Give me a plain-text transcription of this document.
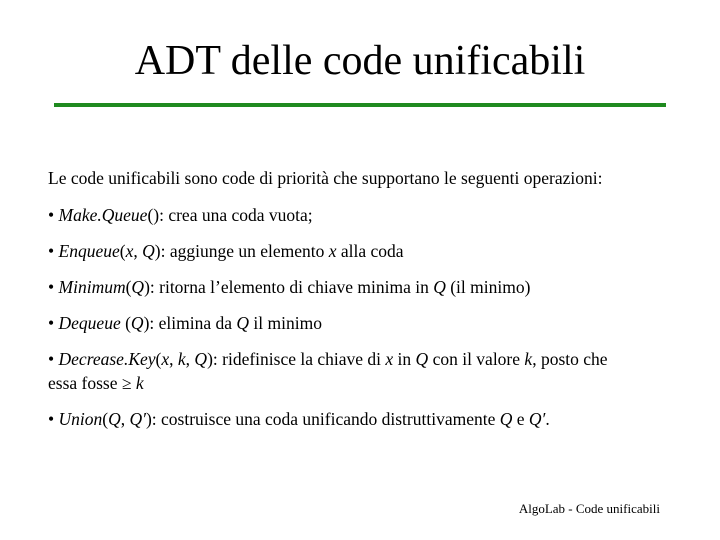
ADT delle code unificabili
Le code unificabili sono code di priorità che supportano le seguenti operazioni:
• Make.Queue(): crea una coda vuota;
• Enqueue(x, Q): aggiunge un elemento x alla coda
• Minimum(Q): ritorna l’elemento di chiave minima in Q (il minimo)
• Dequeue (Q): elimina da Q il minimo
• Decrease.Key(x, k, Q): ridefinisce la chiave di x in Q con il valore k, posto che
essa fosse ≥ k
• Union(Q, Q′): costruisce una coda unificando distruttivamente Q e Q′.
AlgoLab - Code unificabili
